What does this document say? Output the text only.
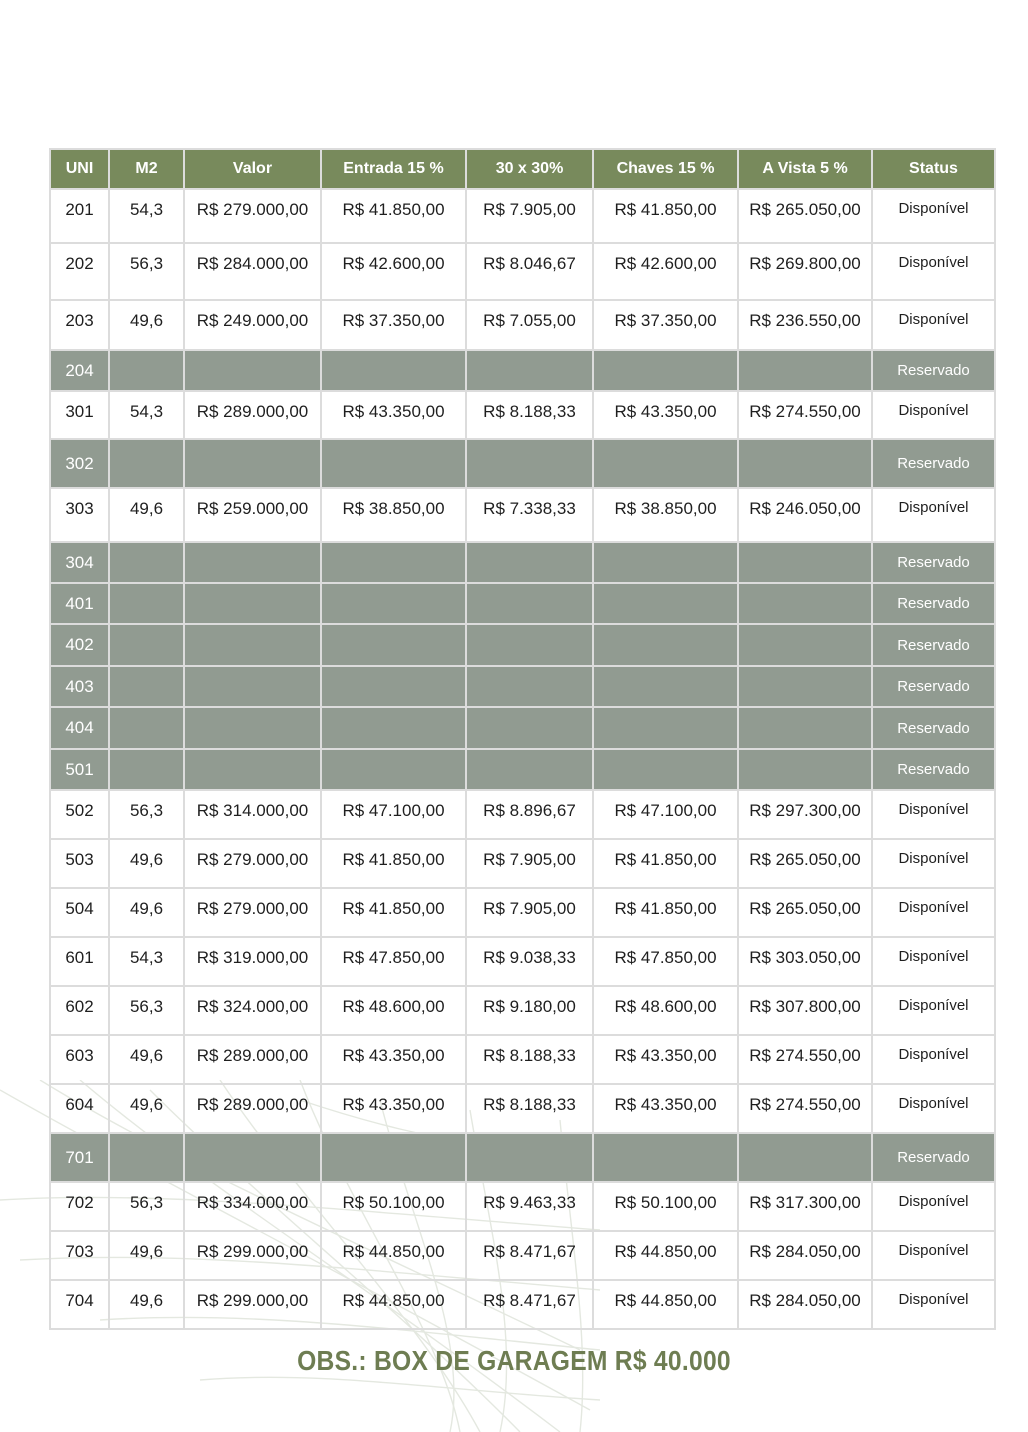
UNI	M2	Valor	Entrada 15 %	30 x 30%	Chaves 15 %	A Vista 5 %	Status
201	54,3	R$ 279.000,00	R$ 41.850,00	R$ 7.905,00	R$ 41.850,00	R$ 265.050,00	Disponível
202	56,3	R$ 284.000,00	R$ 42.600,00	R$ 8.046,67	R$ 42.600,00	R$ 269.800,00	Disponível
203	49,6	R$ 249.000,00	R$ 37.350,00	R$ 7.055,00	R$ 37.350,00	R$ 236.550,00	Disponível
204							Reservado
301	54,3	R$ 289.000,00	R$ 43.350,00	R$ 8.188,33	R$ 43.350,00	R$ 274.550,00	Disponível
302							Reservado
303	49,6	R$ 259.000,00	R$ 38.850,00	R$ 7.338,33	R$ 38.850,00	R$ 246.050,00	Disponível
304							Reservado
401							Reservado
402							Reservado
403							Reservado
404							Reservado
501							Reservado
502	56,3	R$ 314.000,00	R$ 47.100,00	R$ 8.896,67	R$ 47.100,00	R$ 297.300,00	Disponível
503	49,6	R$ 279.000,00	R$ 41.850,00	R$ 7.905,00	R$ 41.850,00	R$ 265.050,00	Disponível
504	49,6	R$ 279.000,00	R$ 41.850,00	R$ 7.905,00	R$ 41.850,00	R$ 265.050,00	Disponível
601	54,3	R$ 319.000,00	R$ 47.850,00	R$ 9.038,33	R$ 47.850,00	R$ 303.050,00	Disponível
602	56,3	R$ 324.000,00	R$ 48.600,00	R$ 9.180,00	R$ 48.600,00	R$ 307.800,00	Disponível
603	49,6	R$ 289.000,00	R$ 43.350,00	R$ 8.188,33	R$ 43.350,00	R$ 274.550,00	Disponível
604	49,6	R$ 289.000,00	R$ 43.350,00	R$ 8.188,33	R$ 43.350,00	R$ 274.550,00	Disponível
701							Reservado
702	56,3	R$ 334.000,00	R$ 50.100,00	R$ 9.463,33	R$ 50.100,00	R$ 317.300,00	Disponível
703	49,6	R$ 299.000,00	R$ 44.850,00	R$ 8.471,67	R$ 44.850,00	R$ 284.050,00	Disponível
704	49,6	R$ 299.000,00	R$ 44.850,00	R$ 8.471,67	R$ 44.850,00	R$ 284.050,00	Disponível
OBS.: BOX DE GARAGEM R$ 40.000
